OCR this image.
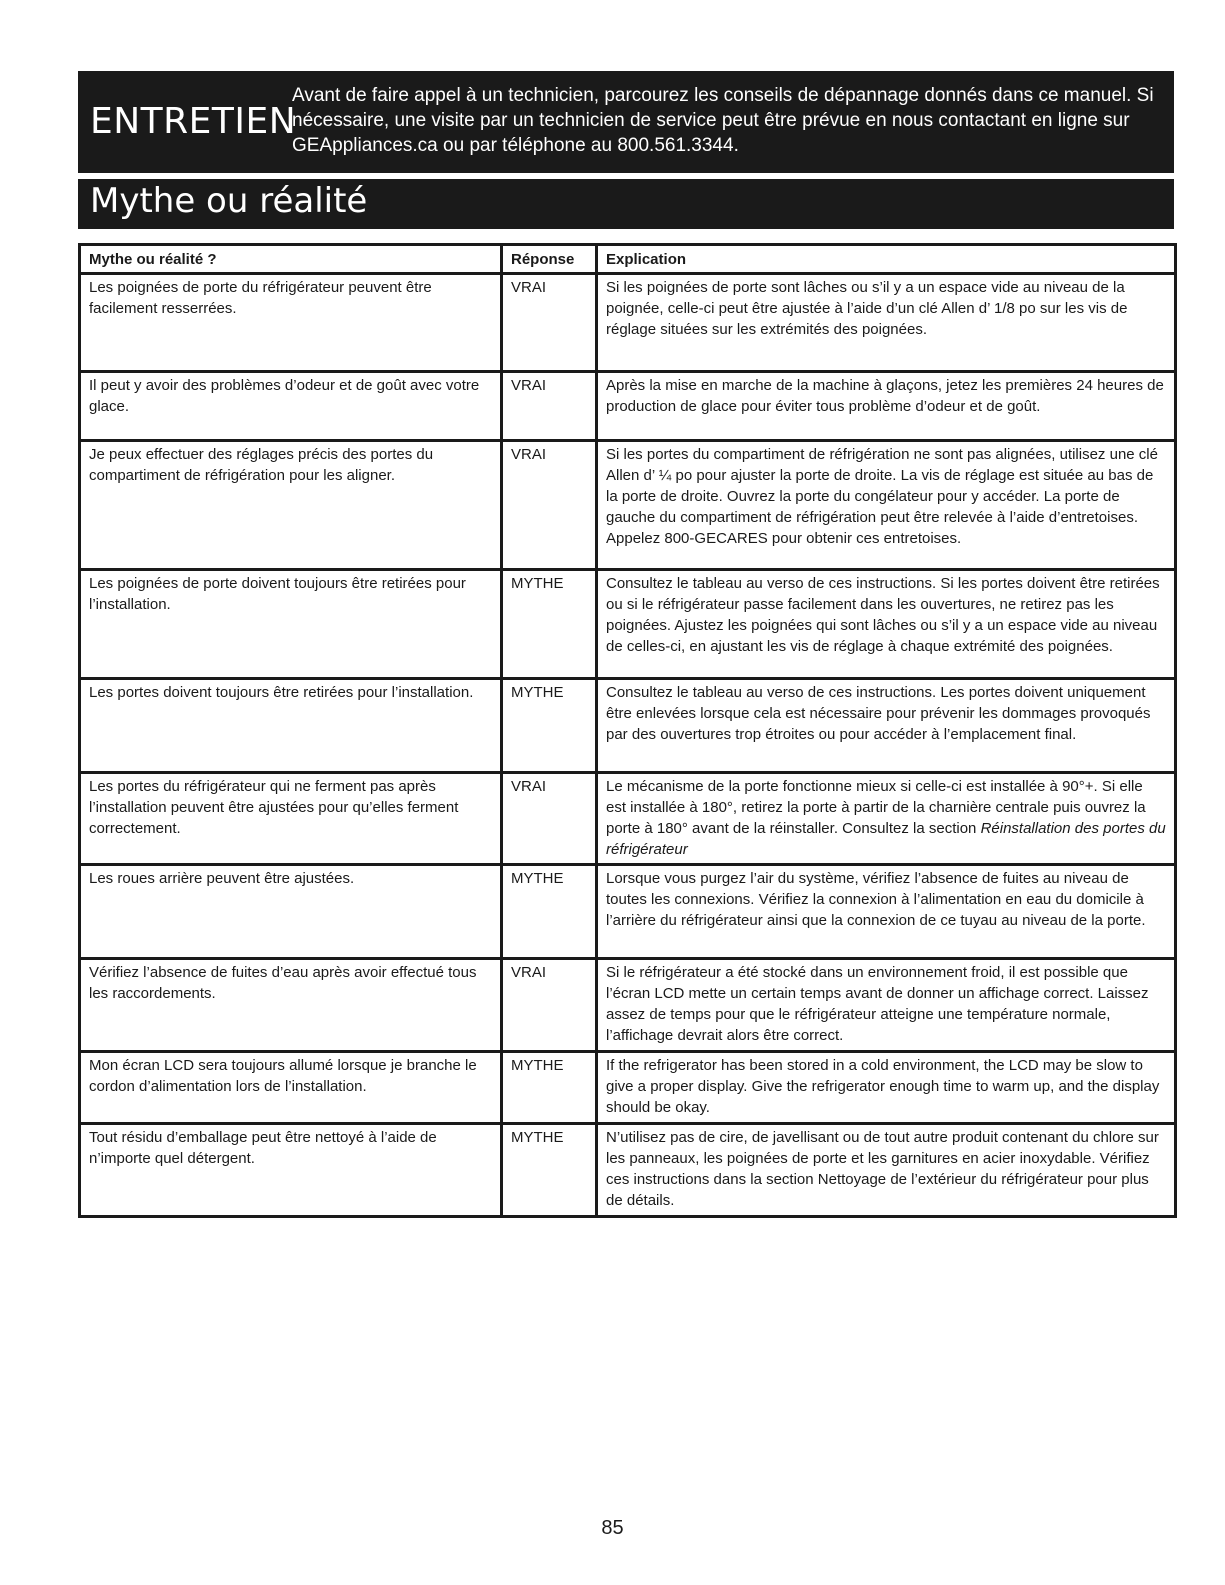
ENTRETIEN
Avant de faire appel à un technicien, parcourez les conseils de dépannage donnés dans ce manuel. Si nécessaire, une visite par un technicien de service peut être prévue en nous contactant en ligne sur GEAppliances.ca ou par téléphone au 800.561.3344.
Mythe ou réalité
Mythe ou réalité ?	Réponse	Explication
Les poignées de porte du réfrigérateur peuvent être facilement resserrées.	VRAI	Si les poignées de porte sont lâches ou s’il y a un espace vide au niveau de la poignée, celle-ci peut être ajustée à l’aide d’un clé Allen d’ 1/8 po sur les vis de réglage situées sur les extrémités des poignées.
Il peut y avoir des problèmes d’odeur et de goût avec votre glace.	VRAI	Après la mise en marche de la machine à glaçons, jetez les premières 24 heures de production de glace pour éviter tous problème d’odeur et de goût.
Je peux effectuer des réglages précis des portes du compartiment de réfrigération pour les aligner.	VRAI	Si les portes du compartiment de réfrigération ne sont pas alignées, utilisez une clé Allen d’ ¼ po pour ajuster la porte de droite. La vis de réglage est située au bas de la porte de droite. Ouvrez la porte du congélateur pour y accéder. La porte de gauche du compartiment de réfrigération peut être relevée à l’aide d’entretoises. Appelez 800-GECARES pour obtenir ces entretoises.
Les poignées de porte doivent toujours être retirées pour l’installation.	MYTHE	Consultez le tableau au verso de ces instructions. Si les portes doivent être retirées ou si le réfrigérateur passe facilement dans les ouvertures, ne retirez pas les poignées. Ajustez les poignées qui sont lâches ou s’il y a un espace vide au niveau de celles-ci, en ajustant les vis de réglage à chaque extrémité des poignées.
Les portes doivent toujours être retirées pour l’installation.	MYTHE	Consultez le tableau au verso de ces instructions. Les portes doivent uniquement être enlevées lorsque cela est nécessaire pour prévenir les dommages provoqués par des ouvertures trop étroites ou pour accéder à l’emplacement final.
Les portes du réfrigérateur qui ne ferment pas après l’installation peuvent être ajustées pour qu’elles ferment correctement.	VRAI	Le mécanisme de la porte fonctionne mieux si celle-ci est installée à 90°+. Si elle est installée à 180°, retirez la porte à partir de la charnière centrale puis ouvrez la porte à 180° avant de la réinstaller. Consultez la section Réinstallation des portes du réfrigérateur
Les roues arrière peuvent être ajustées.	MYTHE	Lorsque vous purgez l’air du système, vérifiez l’absence de fuites au niveau de toutes les connexions. Vérifiez la connexion à l’alimentation en eau du domicile à l’arrière du réfrigérateur ainsi que la connexion de ce tuyau au niveau de la porte.
Vérifiez l’absence de fuites d’eau après avoir effectué tous les raccordements.	VRAI	Si le réfrigérateur a été stocké dans un environnement froid, il est possible que l’écran LCD mette un certain temps avant de donner un affichage correct. Laissez assez de temps pour que le réfrigérateur atteigne une température normale, l’affichage devrait alors être correct.
Mon écran LCD sera toujours allumé lorsque je branche le cordon d’alimentation lors de l’installation.	MYTHE	If the refrigerator has been stored in a cold environment, the LCD may be slow to give a proper display. Give the refrigerator enough time to warm up, and the display should be okay.
Tout résidu d’emballage peut être nettoyé à l’aide de n’importe quel détergent.	MYTHE	N’utilisez pas de cire, de javellisant ou de tout autre produit contenant du chlore sur les panneaux, les poignées de porte et les garnitures en acier inoxydable. Vérifiez ces instructions dans la section Nettoyage de l’extérieur du réfrigérateur pour plus de détails.
85
